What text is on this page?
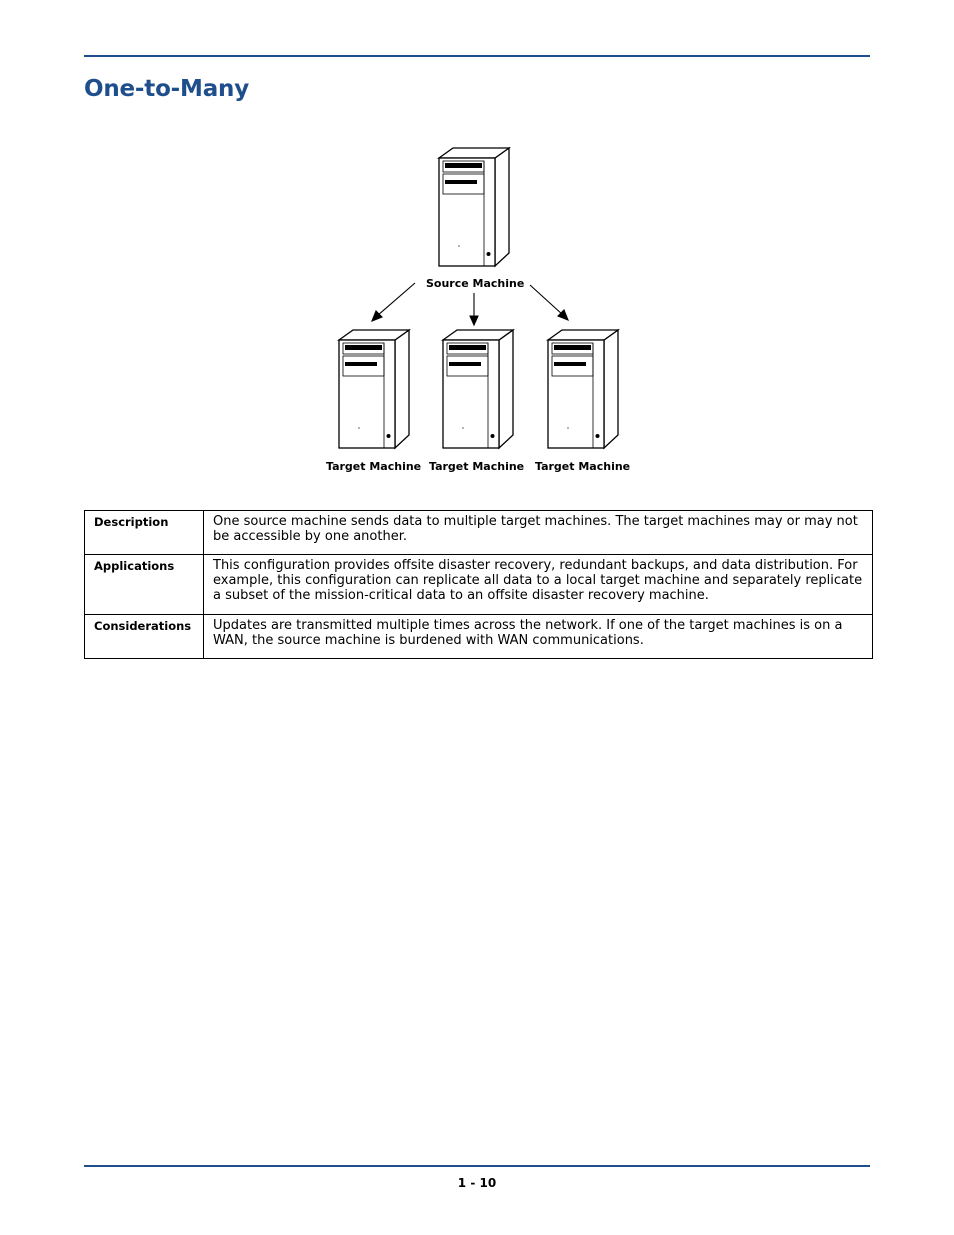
One-to-Many
Source Machine
Target Machine Target Machine Target Machine
Description	One source machine sends data to multiple target machines. The target machines may or may not be accessible by one another.
Applications	This configuration provides offsite disaster recovery, redundant backups, and data distribution. For example, this configuration can replicate all data to a local target machine and separately replicate a subset of the mission-critical data to an offsite disaster recovery machine.
Considerations	Updates are transmitted multiple times across the network. If one of the target machines is on a WAN, the source machine is burdened with WAN communications.
1 - 10
